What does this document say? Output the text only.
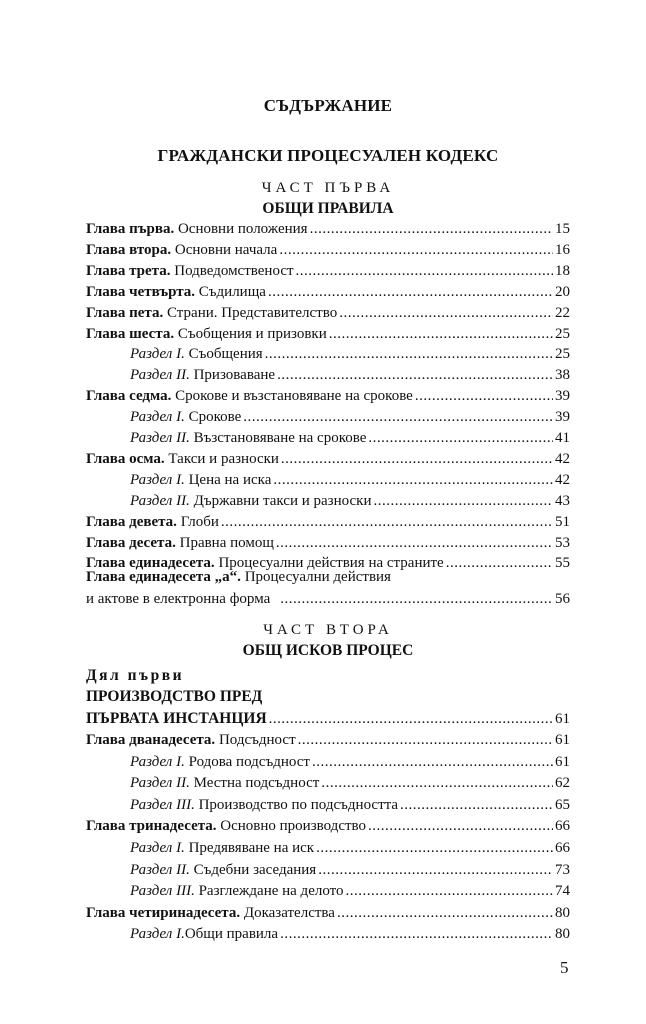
СЪДЪРЖАНИЕ
ГРАЖДАНСКИ ПРОЦЕСУАЛЕН КОДЕКС
ЧАСТ ПЪРВА
ОБЩИ ПРАВИЛА
Глава първа. Основни положения .....	15
Глава втора. Основни начала .....	16
Глава трета. Подведомственост .....	18
Глава четвърта. Съдилища .....	20
Глава пета. Страни. Представителство .....	22
Глава шеста. Съобщения и призовки .....	25
Раздел I. Съобщения .....	25
Раздел II. Призоваване .....	38
Глава седма. Срокове и възстановяване на срокове .....	39
Раздел I. Срокове .....	39
Раздел II. Възстановяване на срокове .....	41
Глава осма. Такси и разноски .....	42
Раздел I. Цена на иска .....	42
Раздел II. Държавни такси и разноски .....	43
Глава девета. Глоби .....	51
Глава десета. Правна помощ .....	53
Глава единадесета. Процесуални действия на страните .....	55
Глава единадесета „а“. Процесуални действия
и актове в електронна форма .....	56
ЧАСТ ВТОРА
ОБЩ ИСКОВ ПРОЦЕС
Дял първи
ПРОИЗВОДСТВО ПРЕД
ПЪРВАТА ИНСТАНЦИЯ .....	61
Глава дванадесета. Подсъдност .....	61
Раздел I. Родова подсъдност .....	61
Раздел II. Местна подсъдност .....	62
Раздел III. Производство по подсъдността .....	65
Глава тринадесета. Основно производство .....	66
Раздел I. Предявяване на иск .....	66
Раздел II. Съдебни заседания .....	73
Раздел III. Разглеждане на делото .....	74
Глава четиринадесета. Доказателства .....	80
Раздел I.Общи правила .....	80
5
